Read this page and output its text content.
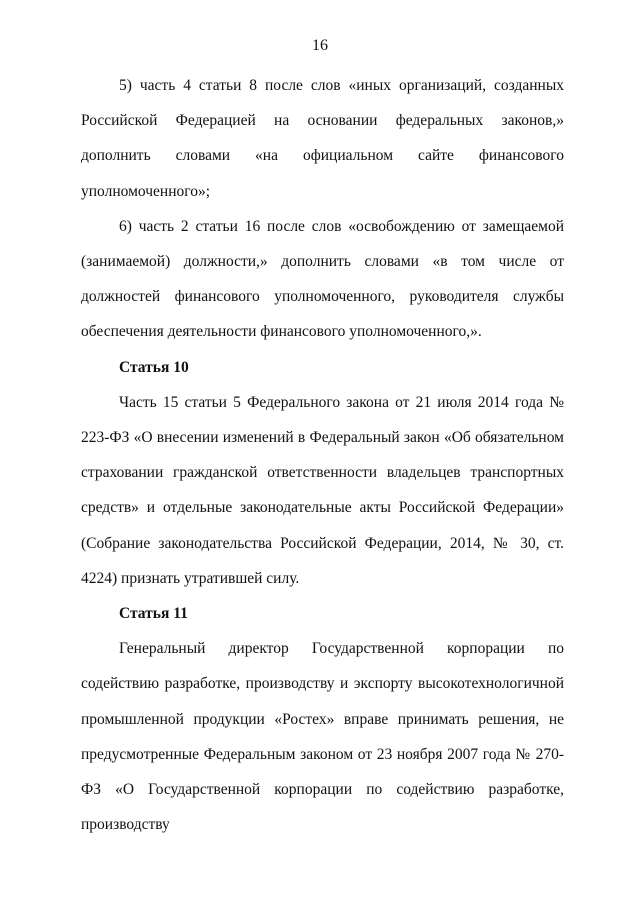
16

5) часть 4 статьи 8 после слов «иных организаций, созданных Российской Федерацией на основании федеральных законов,» дополнить словами «на официальном сайте финансового уполномоченного»;

6) часть 2 статьи 16 после слов «освобождению от замещаемой (занимаемой) должности,» дополнить словами «в том числе от должностей финансового уполномоченного, руководителя службы обеспечения деятельности финансового уполномоченного,».

Статья 10

Часть 15 статьи 5 Федерального закона от 21 июля 2014 года № 223-ФЗ «О внесении изменений в Федеральный закон «Об обязательном страховании гражданской ответственности владельцев транспортных средств» и отдельные законодательные акты Российской Федерации» (Собрание законодательства Российской Федерации, 2014, № 30, ст. 4224) признать утратившей силу.

Статья 11

Генеральный директор Государственной корпорации по содействию разработке, производству и экспорту высокотехнологичной промышленной продукции «Ростех» вправе принимать решения, не предусмотренные Федеральным законом от 23 ноября 2007 года № 270-ФЗ «О Государственной корпорации по содействию разработке, производству
